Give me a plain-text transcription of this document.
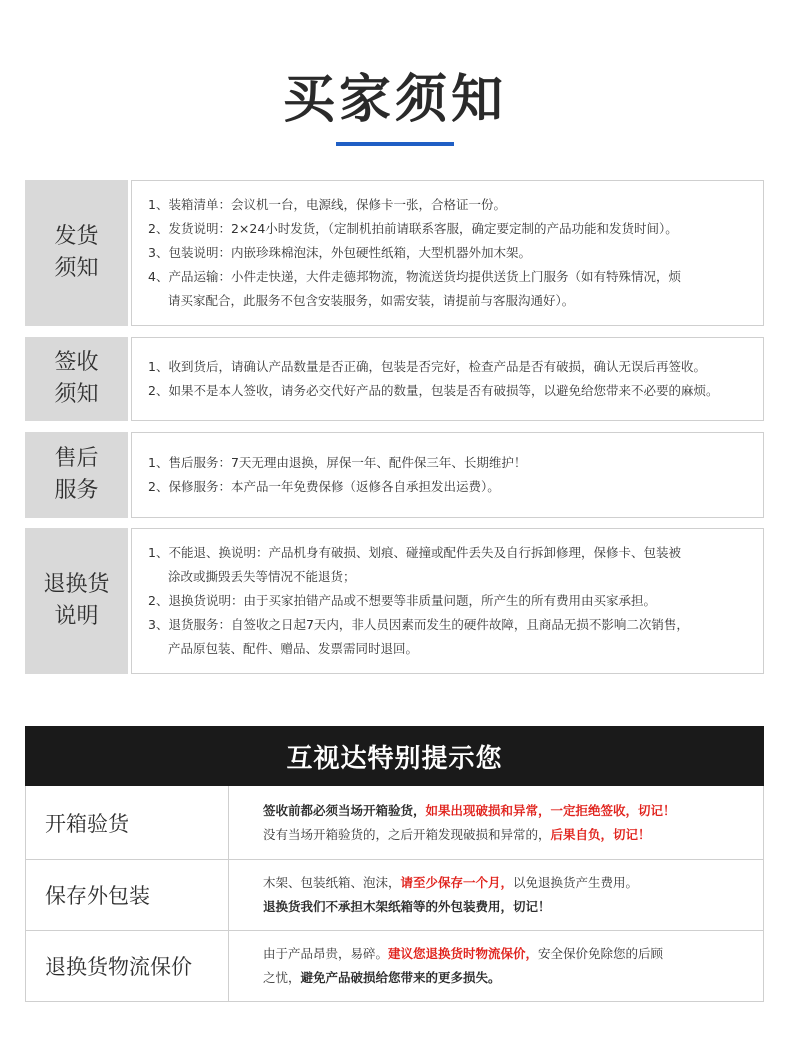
买家须知
发货
须知
1、装箱清单：会议机一台，电源线，保修卡一张，合格证一份。
2、发货说明：2×24小时发货，（定制机拍前请联系客服，确定要定制的产品功能和发货时间）。
3、包装说明：内嵌珍珠棉泡沫，外包硬性纸箱，大型机器外加木架。
4、产品运输：小件走快递，大件走德邦物流，物流送货均提供送货上门服务（如有特殊情况，烦
请买家配合，此服务不包含安装服务，如需安装，请提前与客服沟通好）。
签收
须知
1、收到货后，请确认产品数量是否正确，包装是否完好，检查产品是否有破损，确认无误后再签收。
2、如果不是本人签收，请务必交代好产品的数量，包装是否有破损等，以避免给您带来不必要的麻烦。
售后
服务
1、售后服务：7天无理由退换，屏保一年、配件保三年、长期维护！
2、保修服务：本产品一年免费保修（返修各自承担发出运费）。
退换货
说明
1、不能退、换说明：产品机身有破损、划痕、碰撞或配件丢失及自行拆卸修理，保修卡、包装被
涂改或撕毁丢失等情况不能退货；
2、退换货说明：由于买家拍错产品或不想要等非质量问题，所产生的所有费用由买家承担。
3、退货服务：自签收之日起7天内，非人员因素而发生的硬件故障，且商品无损不影响二次销售，
产品原包装、配件、赠品、发票需同时退回。
互视达特别提示您
开箱验货
签收前都必须当场开箱验货，如果出现破损和异常，一定拒绝签收，切记！
没有当场开箱验货的，之后开箱发现破损和异常的，后果自负，切记！
保存外包装
木架、包装纸箱、泡沫，请至少保存一个月，以免退换货产生费用。
退换货我们不承担木架纸箱等的外包装费用，切记！
退换货物流保价
由于产品昂贵，易碎。建议您退换货时物流保价，安全保价免除您的后顾
之忧，避免产品破损给您带来的更多损失。
